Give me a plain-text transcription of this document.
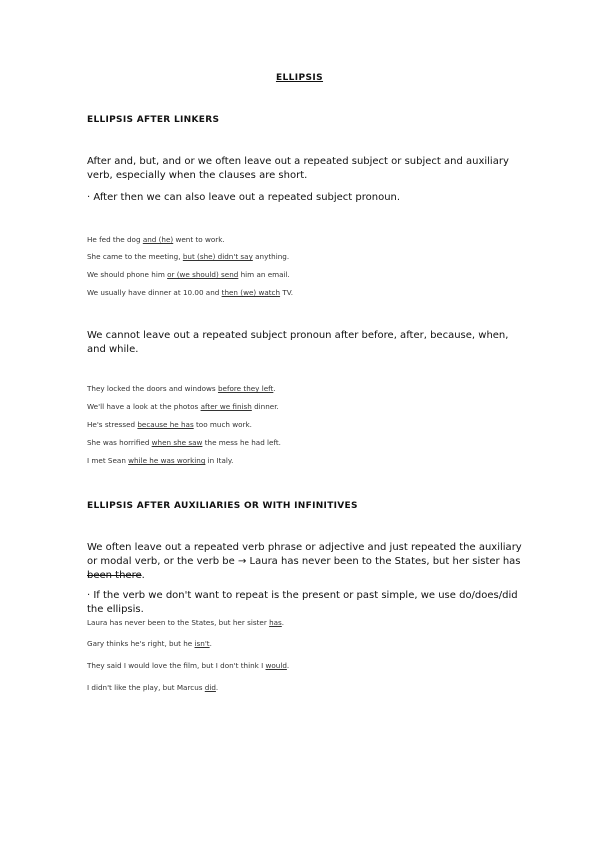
ELLIPSIS
ELLIPSIS AFTER LINKERS
After and, but, and or we often leave out a repeated subject or subject and auxiliary verb, especially when the clauses are short.
· After then we can also leave out a repeated subject pronoun.
He fed the dog and (he) went to work.
She came to the meeting, but (she) didn't say anything.
We should phone him or (we should) send him an email.
We usually have dinner at 10.00 and then (we) watch TV.
We cannot leave out a repeated subject pronoun after before, after, because, when, and while.
They locked the doors and windows before they left.
We'll have a look at the photos after we finish dinner.
He's stressed because he has too much work.
She was horrified when she saw the mess he had left.
I met Sean while he was working in Italy.
ELLIPSIS AFTER AUXILIARIES OR WITH INFINITIVES
We often leave out a repeated verb phrase or adjective and just repeated the auxiliary or modal verb, or the verb be → Laura has never been to the States, but her sister has been there.
· If the verb we don't want to repeat is the present or past simple, we use do/does/did the ellipsis.
Laura has never been to the States, but her sister has.
Gary thinks he's right, but he isn't.
They said I would love the film, but I don't think I would.
I didn't like the play, but Marcus did.
